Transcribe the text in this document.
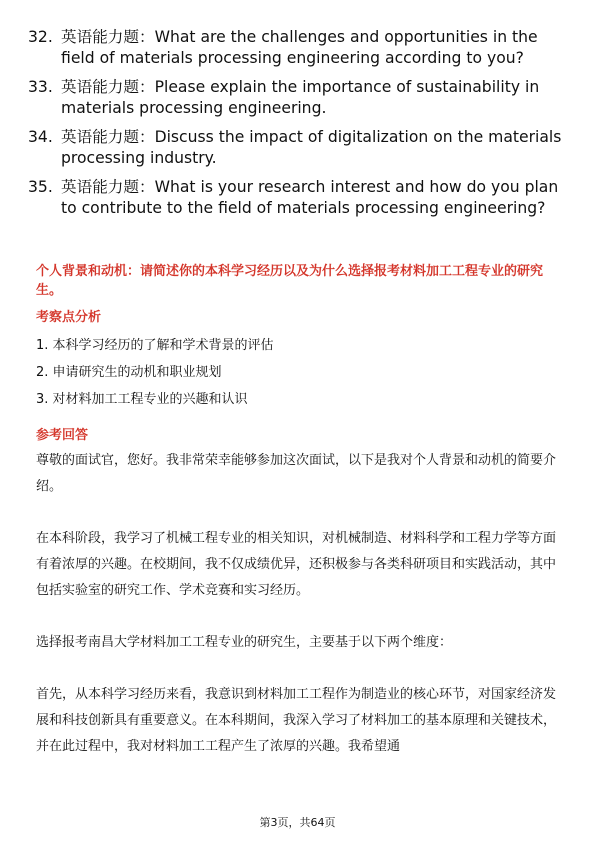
32. 英语能力题：What are the challenges and opportunities in the field of materials processing engineering according to you?
33. 英语能力题：Please explain the importance of sustainability in materials processing engineering.
34. 英语能力题：Discuss the impact of digitalization on the materials processing industry.
35. 英语能力题：What is your research interest and how do you plan to contribute to the field of materials processing engineering?
个人背景和动机：请简述你的本科学习经历以及为什么选择报考材料加工工程专业的研究生。
考察点分析
1. 本科学习经历的了解和学术背景的评估
2. 申请研究生的动机和职业规划
3. 对材料加工工程专业的兴趣和认识
参考回答
尊敬的面试官，您好。我非常荣幸能够参加这次面试，以下是我对个人背景和动机的简要介绍。
在本科阶段，我学习了机械工程专业的相关知识，对机械制造、材料科学和工程力学等方面有着浓厚的兴趣。在校期间，我不仅成绩优异，还积极参与各类科研项目和实践活动，其中包括实验室的研究工作、学术竞赛和实习经历。
选择报考南昌大学材料加工工程专业的研究生，主要基于以下两个维度：
首先，从本科学习经历来看，我意识到材料加工工程作为制造业的核心环节，对国家经济发展和科技创新具有重要意义。在本科期间，我深入学习了材料加工的基本原理和关键技术，并在此过程中，我对材料加工工程产生了浓厚的兴趣。我希望通
第3页，共64页
